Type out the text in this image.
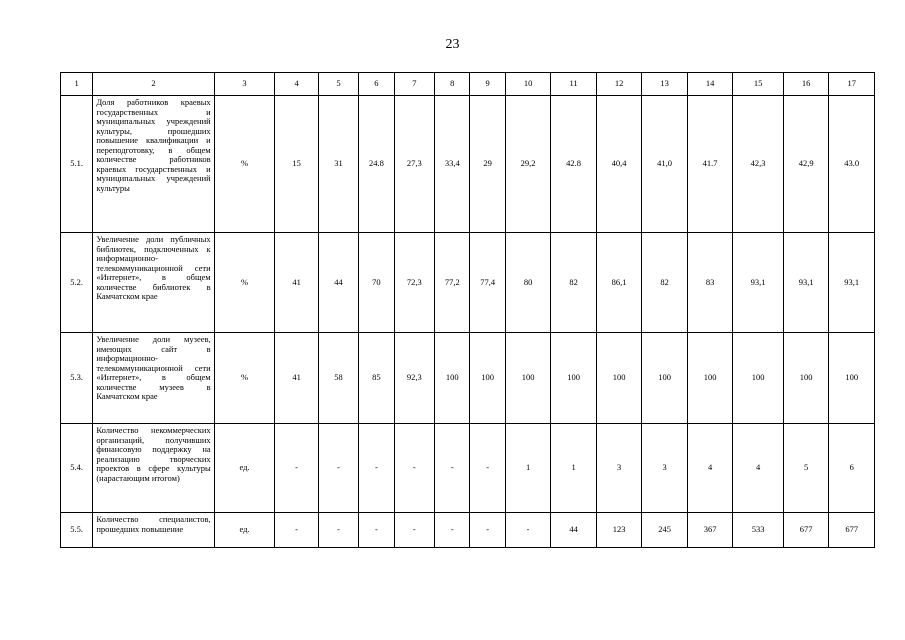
23
1	2	3	4	5	6	7	8	9	10	11	12	13	14	15	16	17
5.1.	Доля работников краевых государственных и муниципальных учреждений культуры, прошедших повышение квалификации и переподготовку, в общем количестве работников краевых государственных и муниципальных учреждений культуры	%	15	31	24.8	27,3	33,4	29	29,2	42.8	40,4	41,0	41.7	42,3	42,9	43.0
5.2.	Увеличение доли публичных библиотек, подключенных к информационно-телекоммуникационной сети «Интернет», в общем количестве библиотек в Камчатском крае	%	41	44	70	72,3	77,2	77,4	80	82	86,1	82	83	93,1	93,1	93,1
5.3.	Увеличение доли музеев, имеющих сайт в информационно-телекоммуникационной сети «Интернет», в общем количестве музеев в Камчатском крае	%	41	58	85	92,3	100	100	100	100	100	100	100	100	100	100
5.4.	Количество некоммерческих организаций, получивших финансовую поддержку на реализацию творческих проектов в сфере культуры (нарастающим итогом)	ед.	-	-	-	-	-	-	1	1	3	3	4	4	5	6
5.5.	Количество специалистов, прошедших повышение	ед.	-	-	-	-	-	-	-	44	123	245	367	533	677	677
